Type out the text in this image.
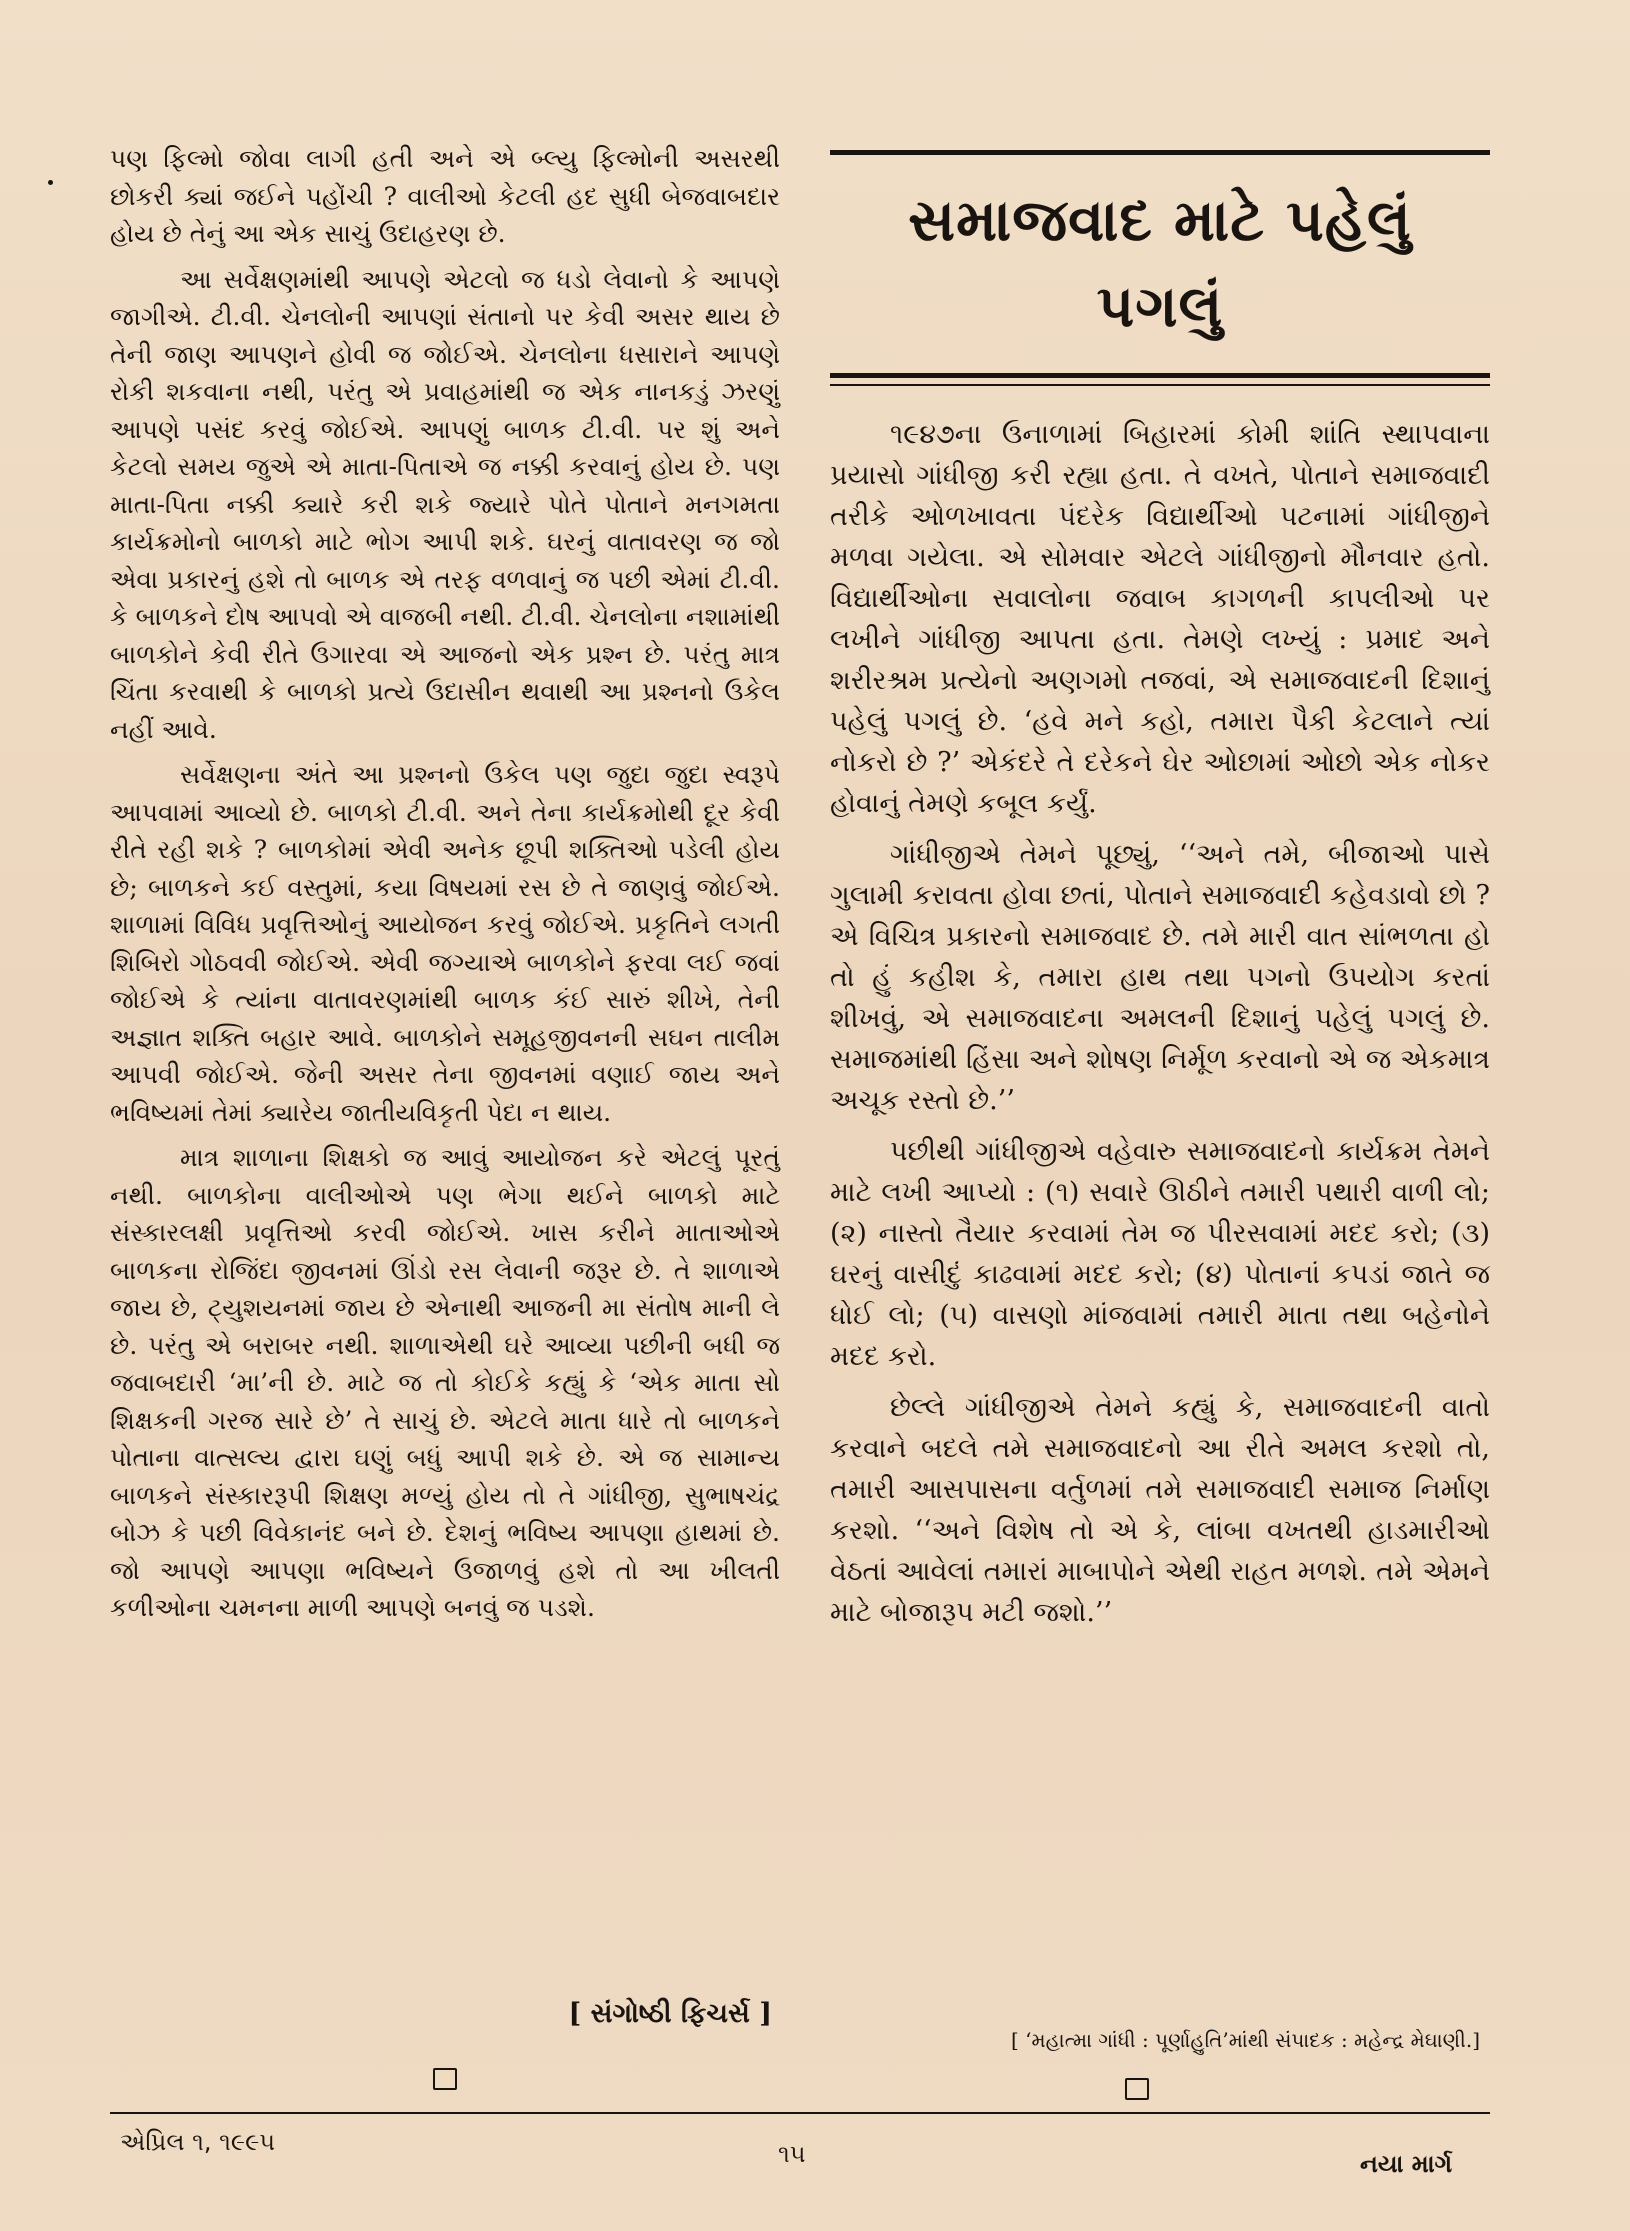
પણ ફિલ્મો જોવા લાગી હતી અને એ બ્લ્યુ ફિલ્મોની અસરથી છોકરી ક્યાં જઈને પહોંચી ? વાલીઓ કેટલી હદ સુધી બેજવાબદાર હોય છે તેનું આ એક સાચું ઉદાહરણ છે.

આ સર્વેક્ષણમાંથી આપણે એટલો જ ધડો લેવાનો કે આપણે જાગીએ. ટી.વી. ચેનલોની આપણાં સંતાનો પર કેવી અસર થાય છે તેની જાણ આપણને હોવી જ જોઈએ. ચેનલોના ધસારાને આપણે રોકી શકવાના નથી, પરંતુ એ પ્રવાહમાંથી જ એક નાનકડું ઝરણું આપણે પસંદ કરવું જોઈએ. આપણું બાળક ટી.વી. પર શું અને કેટલો સમય જુએ એ માતા-પિતાએ જ નક્કી કરવાનું હોય છે. પણ માતા-પિતા નક્કી ક્યારે કરી શકે જ્યારે પોતે પોતાને મનગમતા કાર્યક્રમોનો બાળકો માટે ભોગ આપી શકે. ઘરનું વાતાવરણ જ જો એવા પ્રકારનું હશે તો બાળક એ તરફ વળવાનું જ પછી એમાં ટી.વી. કે બાળકને દોષ આપવો એ વાજબી નથી. ટી.વી. ચેનલોના નશામાંથી બાળકોને કેવી રીતે ઉગારવા એ આજનો એક પ્રશ્ન છે. પરંતુ માત્ર ચિંતા કરવાથી કે બાળકો પ્રત્યે ઉદાસીન થવાથી આ પ્રશ્નનો ઉકેલ નહીં આવે.

સર્વેક્ષણના અંતે આ પ્રશ્નનો ઉકેલ પણ જુદા જુદા સ્વરૂપે આપવામાં આવ્યો છે. બાળકો ટી.વી. અને તેના કાર્યક્રમોથી દૂર કેવી રીતે રહી શકે ? બાળકોમાં એવી અનેક છૂપી શક્તિઓ પડેલી હોય છે; બાળકને કઈ વસ્તુમાં, કયા વિષયમાં રસ છે તે જાણવું જોઈએ. શાળામાં વિવિધ પ્રવૃત્તિઓનું આયોજન કરવું જોઈએ. પ્રકૃતિને લગતી શિબિરો ગોઠવવી જોઈએ. એવી જગ્યાએ બાળકોને ફરવા લઈ જવાં જોઈએ કે ત્યાંના વાતાવરણમાંથી બાળક કંઈ સારું શીખે, તેની અજ્ઞાત શક્તિ બહાર આવે. બાળકોને સમૂહજીવનની સઘન તાલીમ આપવી જોઈએ. જેની અસર તેના જીવનમાં વણાઈ જાય અને ભવિષ્યમાં તેમાં ક્યારેય જાતીયવિકૃતી પેદા ન થાય.

માત્ર શાળાના શિક્ષકો જ આવું આયોજન કરે એટલું પૂરતું નથી. બાળકોના વાલીઓએ પણ ભેગા થઈને બાળકો માટે સંસ્કારલક્ષી પ્રવૃત્તિઓ કરવી જોઈએ. ખાસ કરીને માતાઓએ બાળકના રોજિંદા જીવનમાં ઊંડો રસ લેવાની જરૂર છે. તે શાળાએ જાય છે, ટ્યુશયનમાં જાય છે એનાથી આજની મા સંતોષ માની લે છે. પરંતુ એ બરાબર નથી. શાળાએથી ઘરે આવ્યા પછીની બધી જ જવાબદારી ‘મા’ની છે. માટે જ તો કોઈકે કહ્યું કે ‘એક માતા સો શિક્ષકની ગરજ સારે છે’ તે સાચું છે. એટલે માતા ધારે તો બાળકને પોતાના વાત્સલ્ય દ્વારા ઘણું બધું આપી શકે છે. એ જ સામાન્ય બાળકને સંસ્કારરૂપી શિક્ષણ મળ્યું હોય તો તે ગાંધીજી, સુભાષચંદ્ર બોઝ કે પછી વિવેકાનંદ બને છે. દેશનું ભવિષ્ય આપણા હાથમાં છે. જો આપણે આપણા ભવિષ્યને ઉજાળવું હશે તો આ ખીલતી કળીઓના ચમનના માળી આપણે બનવું જ પડશે.

[ સંગોષ્ઠી ફિચર્સ ]
સમાજવાદ માટે પહેલું
પગલું

૧૯૪૭ના ઉનાળામાં બિહારમાં કોમી શાંતિ સ્થાપવાના પ્રયાસો ગાંધીજી કરી રહ્યા હતા. તે વખતે, પોતાને સમાજવાદી તરીકે ઓળખાવતા પંદરેક વિદ્યાર્થીઓ પટનામાં ગાંધીજીને મળવા ગયેલા. એ સોમવાર એટલે ગાંધીજીનો મૌનવાર હતો. વિદ્યાર્થીઓના સવાલોના જવાબ કાગળની કાપલીઓ પર લખીને ગાંધીજી આપતા હતા. તેમણે લખ્યું : પ્રમાદ અને શરીરશ્રમ પ્રત્યેનો અણગમો તજવાં, એ સમાજવાદની દિશાનું પહેલું પગલું છે. ‘હવે મને કહો, તમારા પૈકી કેટલાને ત્યાં નોકરો છે ?’ એકંદરે તે દરેકને ઘેર ઓછામાં ઓછો એક નોકર હોવાનું તેમણે કબૂલ કર્યું.

ગાંધીજીએ તેમને પૂછ્યું, ‘‘અને તમે, બીજાઓ પાસે ગુલામી કરાવતા હોવા છતાં, પોતાને સમાજવાદી કહેવડાવો છો ? એ વિચિત્ર પ્રકારનો સમાજવાદ છે. તમે મારી વાત સાંભળતા હો તો હું કહીશ કે, તમારા હાથ તથા પગનો ઉપયોગ કરતાં શીખવું, એ સમાજવાદના અમલની દિશાનું પહેલું પગલું છે. સમાજમાંથી હિંસા અને શોષણ નિર્મૂળ કરવાનો એ જ એકમાત્ર અચૂક રસ્તો છે.’’

પછીથી ગાંધીજીએ વહેવારુ સમાજવાદનો કાર્યક્રમ તેમને માટે લખી આપ્યો : (૧) સવારે ઊઠીને તમારી પથારી વાળી લો; (૨) નાસ્તો તૈયાર કરવામાં તેમ જ પીરસવામાં મદદ કરો; (૩) ઘરનું વાસીદું કાઢવામાં મદદ કરો; (૪) પોતાનાં કપડાં જાતે જ ધોઈ લો; (૫) વાસણો માંજવામાં તમારી માતા તથા બહેનોને મદદ કરો.

છેલ્લે ગાંધીજીએ તેમને કહ્યું કે, સમાજવાદની વાતો કરવાને બદલે તમે સમાજવાદનો આ રીતે અમલ કરશો તો, તમારી આસપાસના વર્તુળમાં તમે સમાજવાદી સમાજ નિર્માણ કરશો. ‘‘અને વિશેષ તો એ કે, લાંબા વખતથી હાડમારીઓ વેઠતાં આવેલાં તમારાં માબાપોને એથી રાહત મળશે. તમે એમને માટે બોજારૂપ મટી જશો.’’

[ ‘મહાત્મા ગાંધી : પૂર્ણાહુતિ’માંથી સંપાદક : મહેન્દ્ર મેઘાણી.]
એપ્રિલ ૧, ૧૯૯૫	૧૫	નયા માર્ગ
